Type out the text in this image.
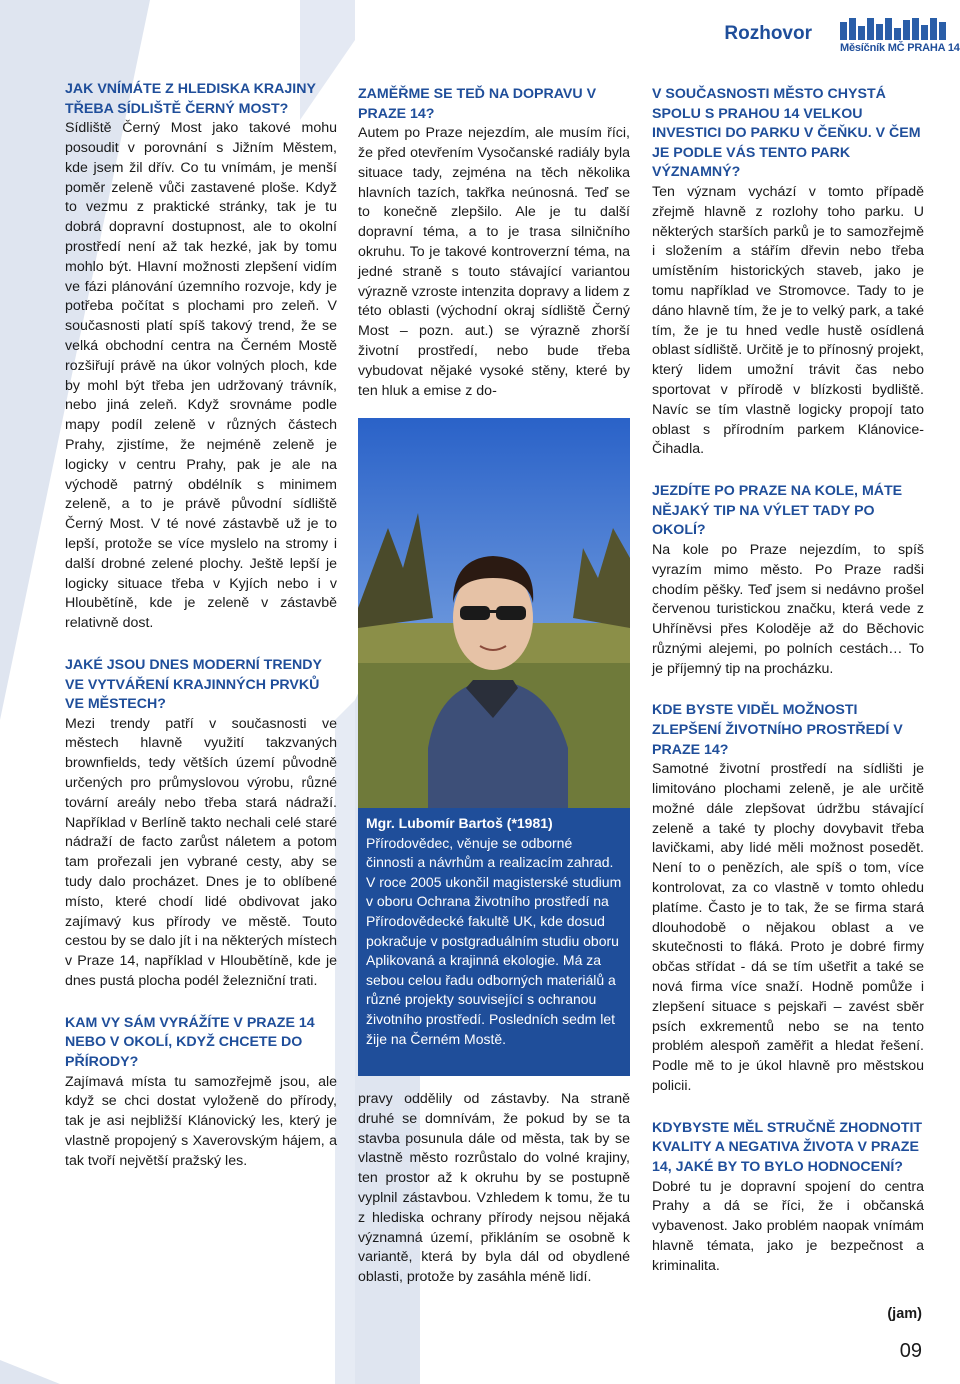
Rozhovor
Měsíčník MČ PRAHA 14

JAK VNÍMÁTE Z HLEDISKA KRAJINY TŘEBA SÍDLIŠTĚ ČERNÝ MOST?

Sídliště Černý Most jako takové mohu posoudit v porovnání s Jižním Městem, kde jsem žil dřív. Co tu vnímám, je menší poměr zeleně vůči zastavené ploše. Když to vezmu z praktické stránky, tak je tu dobrá dopravní dostupnost, ale to okolní prostředí není až tak hezké, jak by tomu mohlo být. Hlavní možnosti zlepšení vidím ve fázi plánování územního rozvoje, kdy je potřeba počítat s plochami pro zeleň. V současnosti platí spíš takový trend, že se velká obchodní centra na Černém Mostě rozšiřují právě na úkor volných ploch, kde by mohl být třeba jen udržovaný trávník, nebo jiná zeleň. Když srovnáme podle mapy podíl zeleně v různých částech Prahy, zjistíme, že nejméně zeleně je logicky v centru Prahy, pak je ale na východě patrný obdélník s minimem zeleně, a to je právě původní sídliště Černý Most. V té nové zástavbě už je to lepší, protože se více myslelo na stromy i další drobné zelené plochy. Ještě lepší je logicky situace třeba v Kyjích nebo i v Hloubětíně, kde je zeleně v zástavbě relativně dost.

JAKÉ JSOU DNES MODERNÍ TRENDY VE VYTVÁŘENÍ KRAJINNÝCH PRVKŮ VE MĚSTECH?

Mezi trendy patří v současnosti ve městech hlavně využití takzvaných brownfields, tedy větších území původně určených pro průmyslovou výrobu, různé tovární areály nebo třeba stará nádraží. Například v Berlíně takto nechali celé staré nádraží de facto zarůst náletem a potom tam prořezali jen vybrané cesty, aby se tudy dalo procházet. Dnes je to oblíbené místo, které chodí lidé obdivovat jako zajímavý kus přírody ve městě. Touto cestou by se dalo jít i na některých místech v Praze 14, například v Hloubětíně, kde je dnes pustá plocha podél železniční trati.

KAM VY SÁM VYRÁŽÍTE V PRAZE 14 NEBO V OKOLÍ, KDYŽ CHCETE DO PŘÍRODY?

Zajímavá místa tu samozřejmě jsou, ale když se chci dostat vyloženě do přírody, tak je asi nejbližší Klánovický les, který je vlastně propojený s Xaverovským hájem, a tak tvoří největší pražský les.

ZAMĚŘME SE TEĎ NA DOPRAVU V PRAZE 14?

Autem po Praze nejezdím, ale musím říci, že před otevřením Vysočanské radiály byla situace tady, zejména na těch několika hlavních tazích, takřka neúnosná. Teď se to konečně zlepšilo. Ale je tu další dopravní téma, a to je trasa silničního okruhu. To je takové kontroverzní téma, na jedné straně s touto stávající variantou výrazně vzroste intenzita dopravy a lidem z této oblasti (východní okraj sídliště Černý Most – pozn. aut.) se výrazně zhorší životní prostředí, nebo bude třeba vybudovat nějaké vysoké stěny, které by ten hluk a emise z do-

Mgr. Lubomír Bartoš (*1981)
Přírodovědec, věnuje se odborné činnosti a návrhům a realizacím zahrad. V roce 2005 ukončil magisterské studium v oboru Ochrana životního prostředí na Přírodovědecké fakultě UK, kde dosud pokračuje v postgraduálním studiu oboru Aplikovaná a krajinná ekologie. Má za sebou celou řadu odborných materiálů a různé projekty související s ochranou životního prostředí. Posledních sedm let žije na Černém Mostě.

pravy oddělily od zástavby. Na straně druhé se domnívám, že pokud by se ta stavba posunula dále od města, tak by se vlastně město rozrůstalo do volné krajiny, ten prostor až k okruhu by se postupně vyplnil zástavbou. Vzhledem k tomu, že tu z hlediska ochrany přírody nejsou nějaká významná území, přikláním se osobně k variantě, která by byla dál od obydlené oblasti, protože by zasáhla méně lidí.

V SOUČASNOSTI MĚSTO CHYSTÁ SPOLU S PRAHOU 14 VELKOU INVESTICI DO PARKU V ČEŇKU. V ČEM JE PODLE VÁS TENTO PARK VÝZNAMNÝ?

Ten význam vychází v tomto případě zřejmě hlavně z rozlohy toho parku. U některých starších parků je to samozřejmě i složením a stářím dřevin nebo třeba umístěním historických staveb, jako je tomu například ve Stromovce. Tady to je dáno hlavně tím, že je to velký park, a také tím, že je tu hned vedle hustě osídlená oblast sídliště. Určitě je to přínosný projekt, který lidem umožní trávit čas nebo sportovat v přírodě v blízkosti bydliště. Navíc se tím vlastně logicky propojí tato oblast s přírodním parkem Klánovice-Čihadla.

JEZDÍTE PO PRAZE NA KOLE, MÁTE NĚJAKÝ TIP NA VÝLET TADY PO OKOLÍ?

Na kole po Praze nejezdím, to spíš vyrazím mimo město. Po Praze radši chodím pěšky. Teď jsem si nedávno prošel červenou turistickou značku, která vede z Uhříněvsi přes Koloděje až do Běchovic různými alejemi, po polních cestách… To je příjemný tip na procházku.

KDE BYSTE VIDĚL MOŽNOSTI ZLEPŠENÍ ŽIVOTNÍHO PROSTŘEDÍ V PRAZE 14?

Samotné životní prostředí na sídlišti je limitováno plochami zeleně, je ale určitě možné dále zlepšovat údržbu stávající zeleně a také ty plochy dovybavit třeba lavičkami, aby lidé měli možnost posedět. Není to o penězích, ale spíš o tom, více kontrolovat, za co vlastně v tomto ohledu platíme. Často je to tak, že se firma stará dlouhodobě o nějakou oblast a ve skutečnosti to fláká. Proto je dobré firmy občas střídat - dá se tím ušetřit a také se nová firma více snaží. Hodně pomůže i zlepšení situace s pejskaři – zavést sběr psích exkrementů nebo se na tento problém alespoň zaměřit a hledat řešení. Podle mě to je úkol hlavně pro městskou policii.

KDYBYSTE MĚL STRUČNĚ ZHODNOTIT KVALITY A NEGATIVA ŽIVOTA V PRAZE 14, JAKÉ BY TO BYLO HODNOCENÍ?

Dobré tu je dopravní spojení do centra Prahy a dá se říci, že i občanská vybavenost. Jako problém naopak vnímám hlavně témata, jako je bezpečnost a kriminalita.

(jam)
09
